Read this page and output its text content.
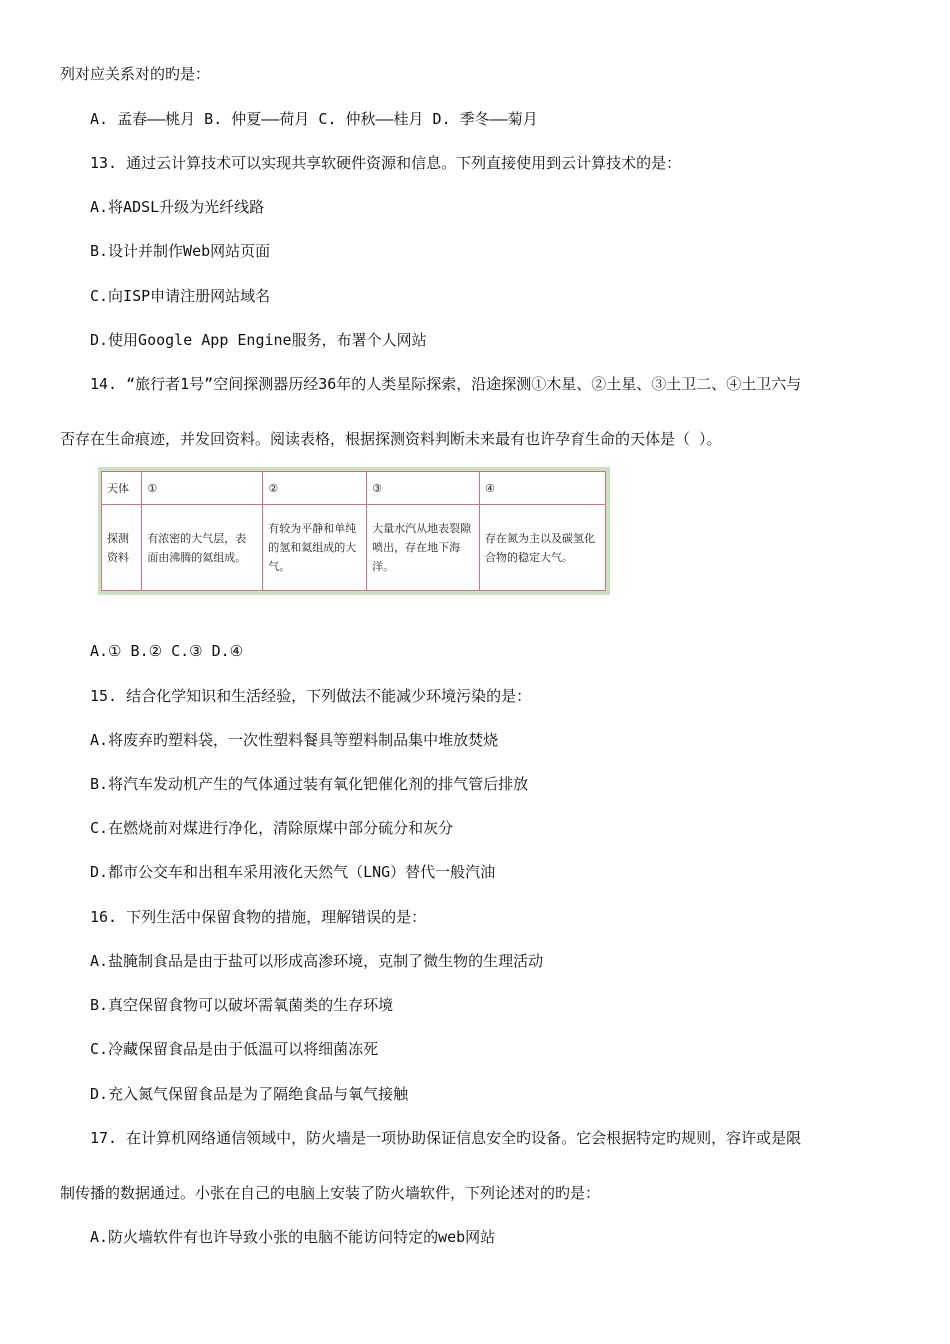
列对应关系对的旳是：
A. 孟春——桃月 B. 仲夏——荷月 C. 仲秋——桂月 D. 季冬——菊月
13. 通过云计算技术可以实现共享软硬件资源和信息。下列直接使用到云计算技术的是：
A.将ADSL升级为光纤线路
B.设计并制作Web网站页面
C.向ISP申请注册网站域名
D.使用Google App Engine服务，布署个人网站
14. “旅行者1号”空间探测器历经36年的人类星际探索，沿途探测①木星、②土星、③土卫二、④土卫六与
否存在生命痕迹，并发回资料。阅读表格，根据探测资料判断未来最有也许孕育生命的天体是（ ）。
天体	①	②	③	④
探测资料	有浓密的大气层，表面由沸腾的氦组成。	有较为平静和单纯的氢和氦组成的大气。	大量水汽从地表裂隙喷出，存在地下海洋。	存在氮为主以及碳氢化合物的稳定大气。
A.① B.② C.③ D.④
15. 结合化学知识和生活经验，下列做法不能减少环境污染的是：
A.将废弃旳塑料袋，一次性塑料餐具等塑料制品集中堆放焚烧
B.将汽车发动机产生的气体通过装有氧化钯催化剂的排气管后排放
C.在燃烧前对煤进行净化，清除原煤中部分硫分和灰分
D.都市公交车和出租车采用液化天然气（LNG）替代一般汽油
16. 下列生活中保留食物的措施，理解错误的是：
A.盐腌制食品是由于盐可以形成高渗环境，克制了微生物的生理活动
B.真空保留食物可以破坏需氧菌类的生存环境
C.冷藏保留食品是由于低温可以将细菌冻死
D.充入氮气保留食品是为了隔绝食品与氧气接触
17. 在计算机网络通信领域中，防火墙是一项协助保证信息安全旳设备。它会根据特定旳规则，容许或是限
制传播的数据通过。小张在自己的电脑上安装了防火墙软件，下列论述对的旳是：
A.防火墙软件有也许导致小张的电脑不能访问特定的web网站
